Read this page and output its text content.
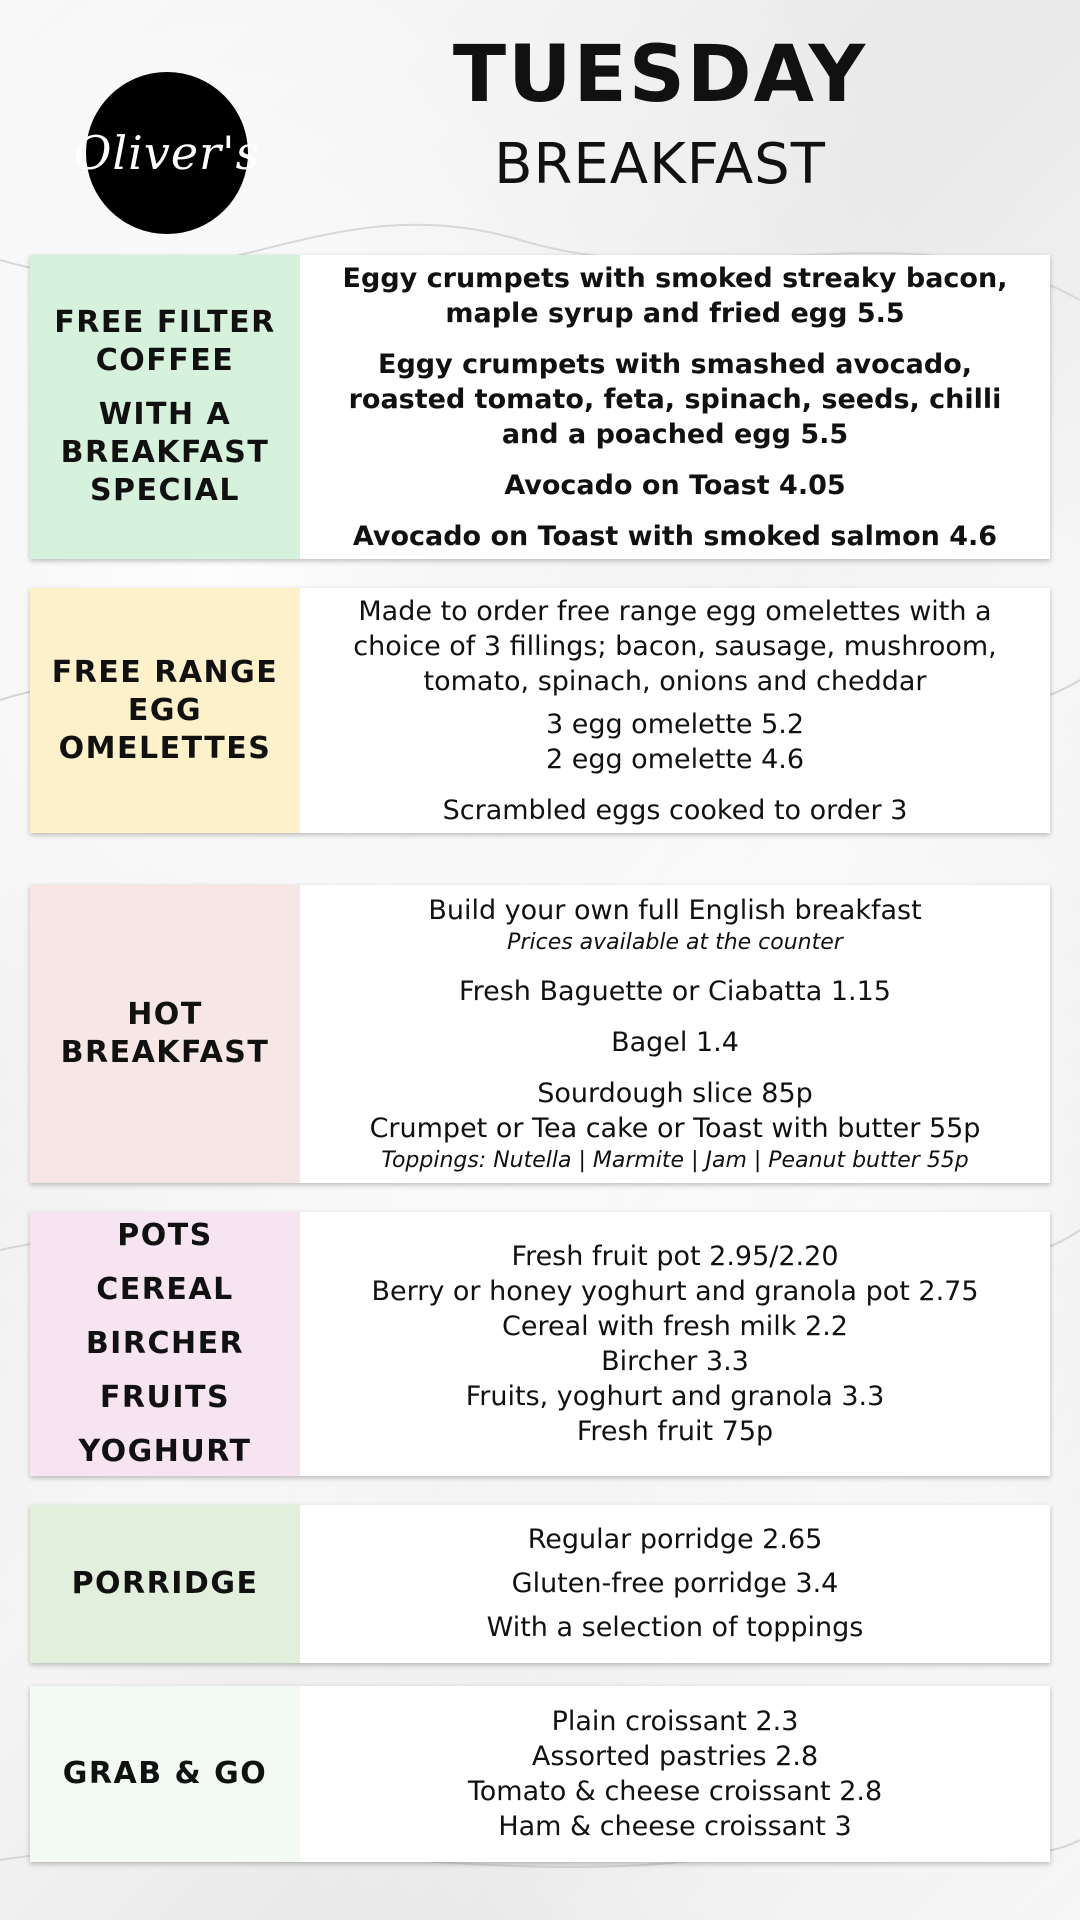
Oliver's
TUESDAY
BREAKFAST
FREE FILTER
COFFEE
WITH A
BREAKFAST
SPECIAL

Eggy crumpets with smoked streaky bacon, maple syrup and fried egg 5.5

Eggy crumpets with smashed avocado, roasted tomato, feta, spinach, seeds, chilli and a poached egg 5.5

Avocado on Toast 4.05

Avocado on Toast with smoked salmon 4.6

FREE RANGE
EGG
OMELETTES

Made to order free range egg omelettes with a choice of 3 fillings; bacon, sausage, mushroom, tomato, spinach, onions and cheddar

3 egg omelette 5.2

2 egg omelette 4.6

Scrambled eggs cooked to order 3

HOT
BREAKFAST

Build your own full English breakfast

Prices available at the counter

Fresh Baguette or Ciabatta 1.15

Bagel 1.4

Sourdough slice 85p

Crumpet or Tea cake or Toast with butter 55p

Toppings: Nutella | Marmite | Jam | Peanut butter 55p

POTS
CEREAL
BIRCHER
FRUITS
YOGHURT

Fresh fruit pot 2.95/2.20

Berry or honey yoghurt and granola pot 2.75

Cereal with fresh milk 2.2

Bircher 3.3

Fruits, yoghurt and granola 3.3

Fresh fruit 75p

PORRIDGE

Regular porridge 2.65

Gluten-free porridge 3.4

With a selection of toppings

GRAB & GO

Plain croissant 2.3

Assorted pastries 2.8

Tomato & cheese croissant 2.8

Ham & cheese croissant 3
